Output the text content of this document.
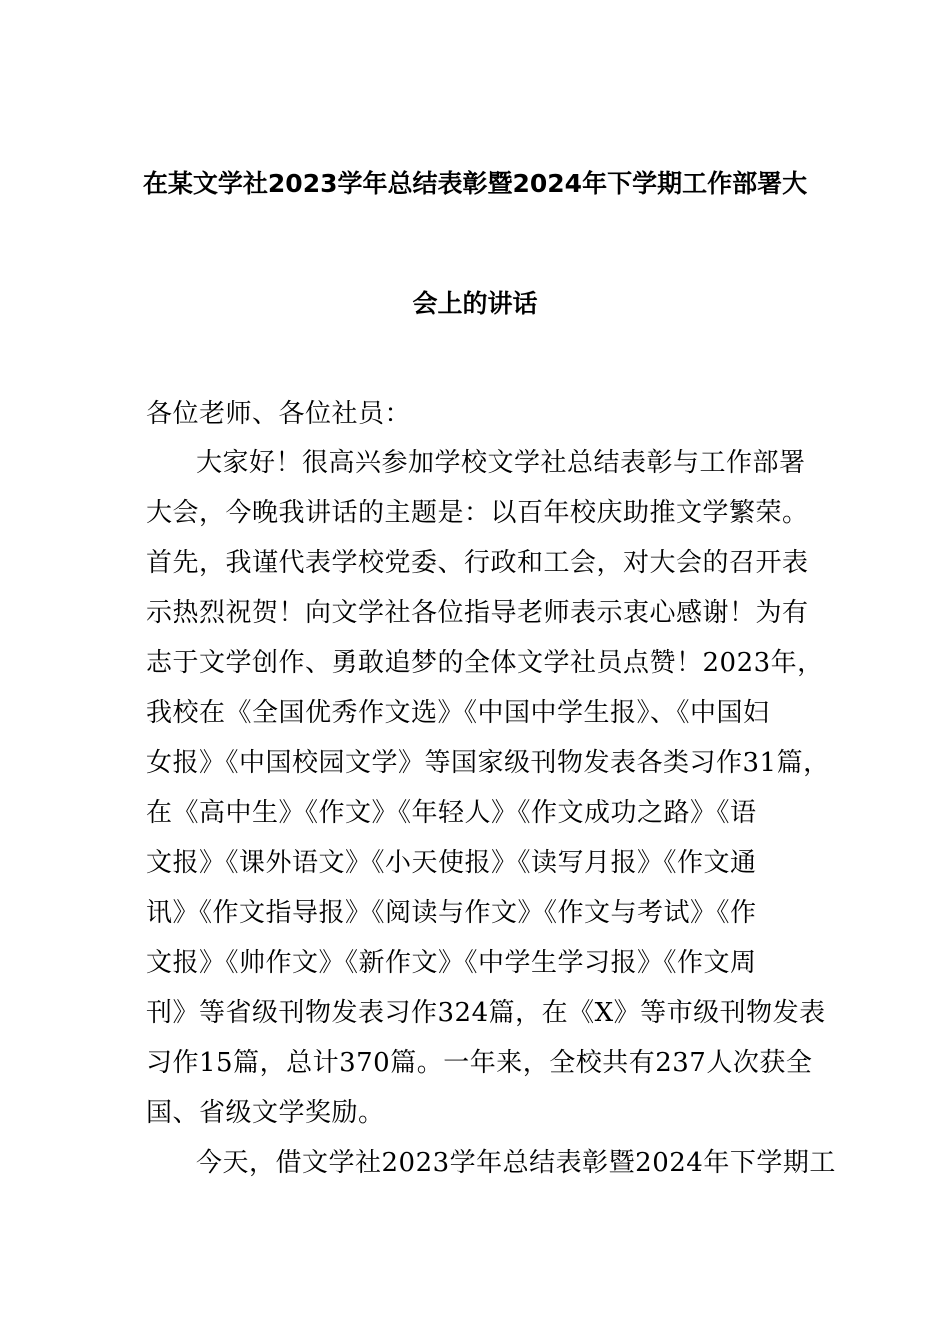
在某文学社2023学年总结表彰暨2024年下学期工作部署大
会上的讲话
各位老师、各位社员：
大家好！很高兴参加学校文学社总结表彰与工作部署
大会，今晚我讲话的主题是：以百年校庆助推文学繁荣。
首先，我谨代表学校党委、行政和工会，对大会的召开表
示热烈祝贺！向文学社各位指导老师表示衷心感谢！为有
志于文学创作、勇敢追梦的全体文学社员点赞！2023年，
我校在《全国优秀作文选》《中国中学生报》、《中国妇
女报》《中国校园文学》等国家级刊物发表各类习作31篇，
在《高中生》《作文》《年轻人》《作文成功之路》《语
文报》《课外语文》《小天使报》《读写月报》《作文通
讯》《作文指导报》《阅读与作文》《作文与考试》《作
文报》《帅作文》《新作文》《中学生学习报》《作文周
刊》等省级刊物发表习作324篇，在《X》等市级刊物发表
习作15篇，总计370篇。一年来，全校共有237人次获全
国、省级文学奖励。
今天，借文学社2023学年总结表彰暨2024年下学期工
